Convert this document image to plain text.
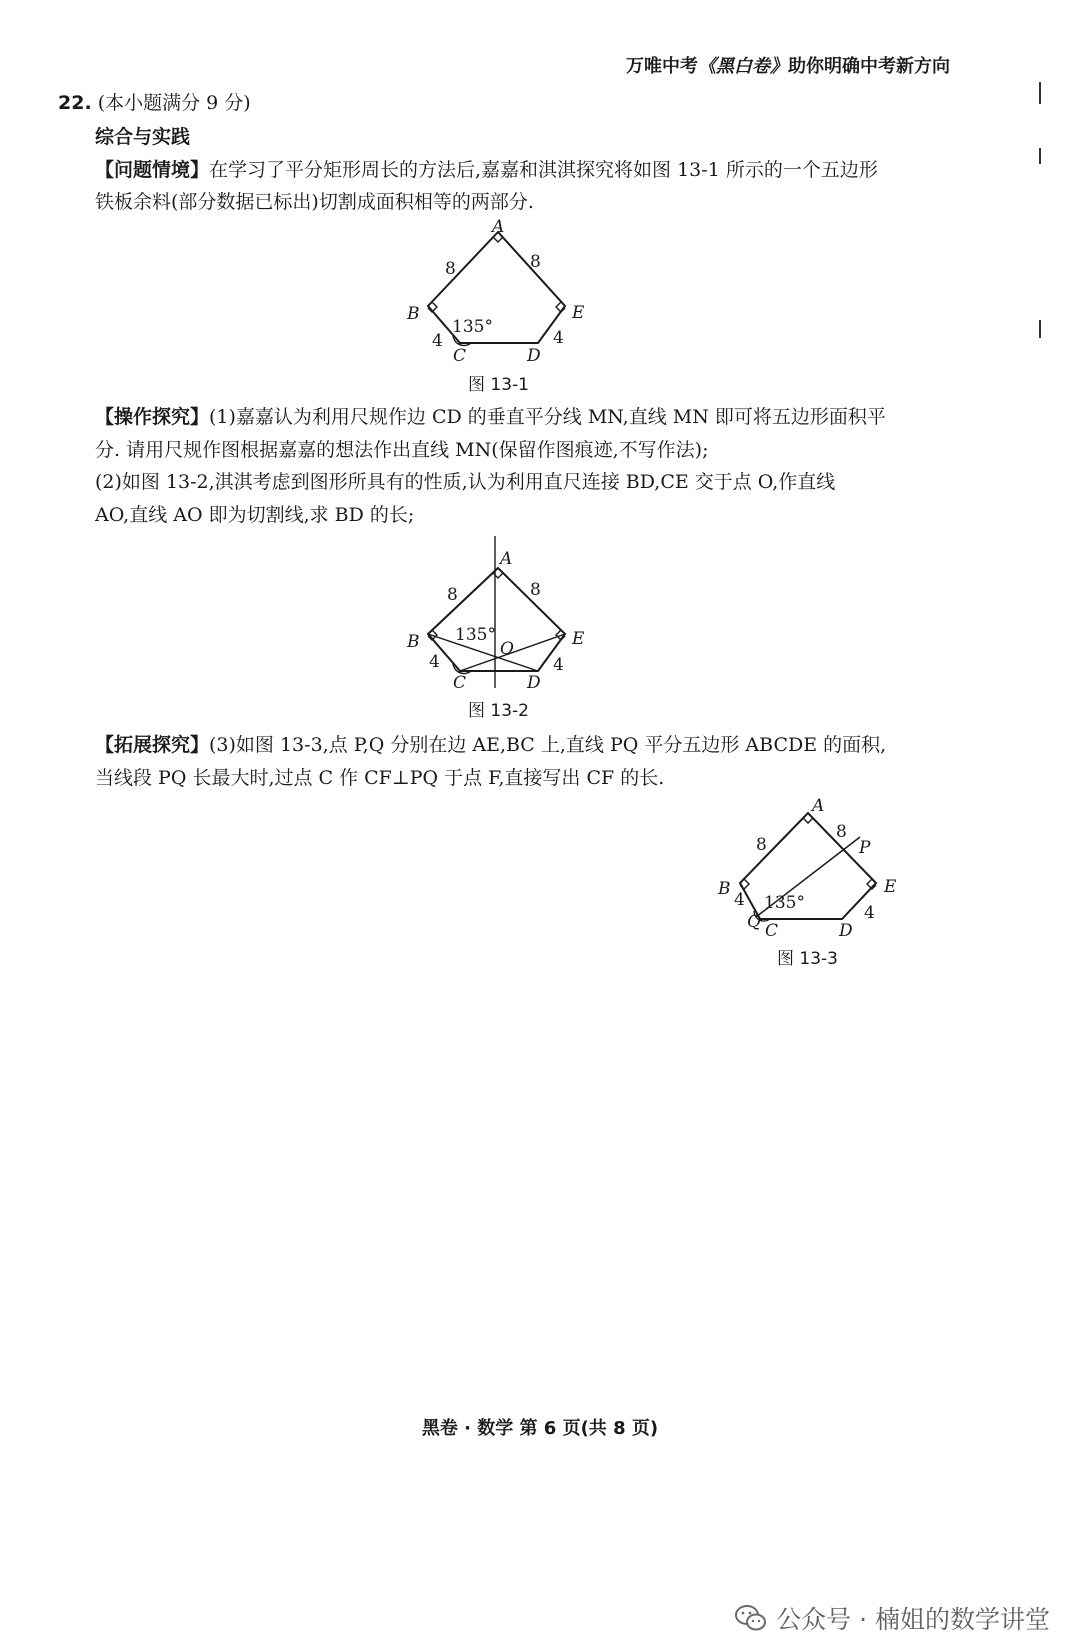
万唯中考《黑白卷》助你明确中考新方向
22. (本小题满分 9 分)
综合与实践
【问题情境】在学习了平分矩形周长的方法后,嘉嘉和淇淇探究将如图 13-1 所示的一个五边形
铁板余料(部分数据已标出)切割成面积相等的两部分.
A
B
C	D
E
8	8
4	4
135°
图 13-1
【操作探究】(1)嘉嘉认为利用尺规作边 CD 的垂直平分线 MN,直线 MN 即可将五边形面积平
分. 请用尺规作图根据嘉嘉的想法作出直线 MN(保留作图痕迹,不写作法);
(2)如图 13-2,淇淇考虑到图形所具有的性质,认为利用直尺连接 BD,CE 交于点 O,作直线
AO,直线 AO 即为切割线,求 BD 的长;
A
B
C	D
E
O
8	8
4	4
135°
图 13-2
【拓展探究】(3)如图 13-3,点 P,Q 分别在边 AE,BC 上,直线 PQ 平分五边形 ABCDE 的面积,
当线段 PQ 长最大时,过点 C 作 CF⊥PQ 于点 F,直接写出 CF 的长.
A
B
C	D
E
P
Q
8
8
4
4
135°
图 13-3
黑卷 · 数学 第 6 页(共 8 页)
公众号 · 楠姐的数学讲堂
